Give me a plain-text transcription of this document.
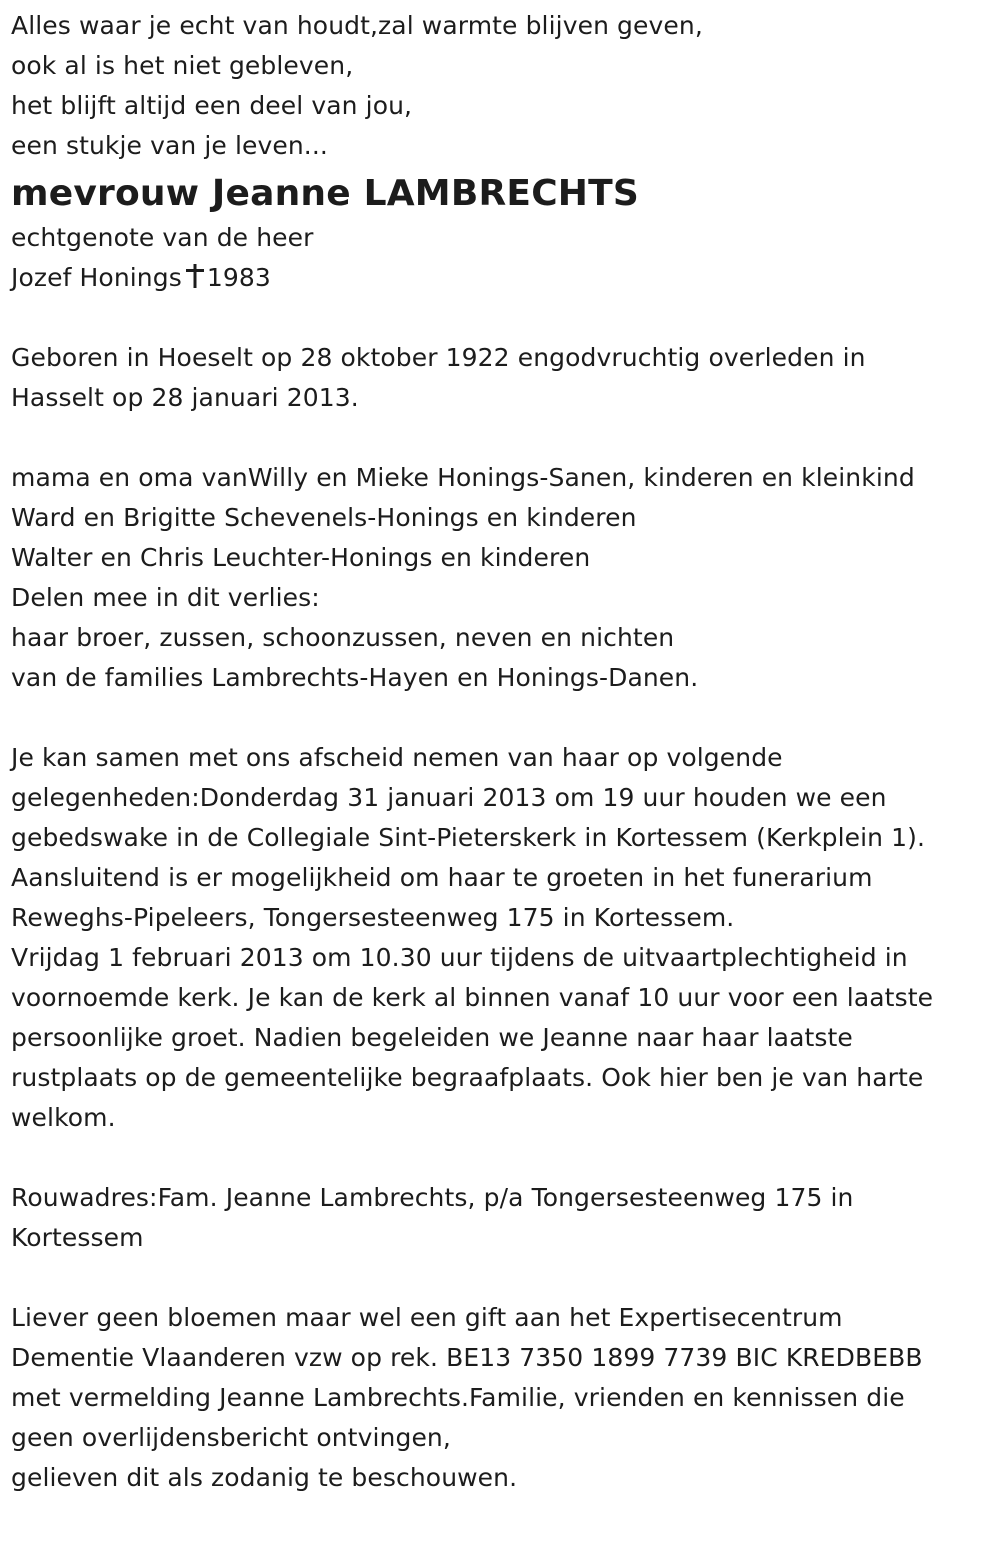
Alles waar je echt van houdt,zal warmte blijven geven,
ook al is het niet gebleven,
het blijft altijd een deel van jou,
een stukje van je leven...
mevrouw Jeanne LAMBRECHTS
echtgenote van de heer
Jozef Honings 1983
Geboren in Hoeselt op 28 oktober 1922 engodvruchtig overleden in
Hasselt op 28 januari 2013.
mama en oma vanWilly en Mieke Honings-Sanen, kinderen en kleinkind
Ward en Brigitte Schevenels-Honings en kinderen
Walter en Chris Leuchter-Honings en kinderen
Delen mee in dit verlies:
haar broer, zussen, schoonzussen, neven en nichten
van de families Lambrechts-Hayen en Honings-Danen.
Je kan samen met ons afscheid nemen van haar op volgende
gelegenheden:Donderdag 31 januari 2013 om 19 uur houden we een
gebedswake in de Collegiale Sint-Pieterskerk in Kortessem (Kerkplein 1).
Aansluitend is er mogelijkheid om haar te groeten in het funerarium
Reweghs-Pipeleers, Tongersesteenweg 175 in Kortessem.
Vrijdag 1 februari 2013 om 10.30 uur tijdens de uitvaartplechtigheid in
voornoemde kerk. Je kan de kerk al binnen vanaf 10 uur voor een laatste
persoonlijke groet. Nadien begeleiden we Jeanne naar haar laatste
rustplaats op de gemeentelijke begraafplaats. Ook hier ben je van harte
welkom.
Rouwadres:Fam. Jeanne Lambrechts, p/a Tongersesteenweg 175 in
Kortessem
Liever geen bloemen maar wel een gift aan het Expertisecentrum
Dementie Vlaanderen vzw op rek. BE13 7350 1899 7739 BIC KREDBEBB
met vermelding Jeanne Lambrechts.Familie, vrienden en kennissen die
geen overlijdensbericht ontvingen,
gelieven dit als zodanig te beschouwen.
